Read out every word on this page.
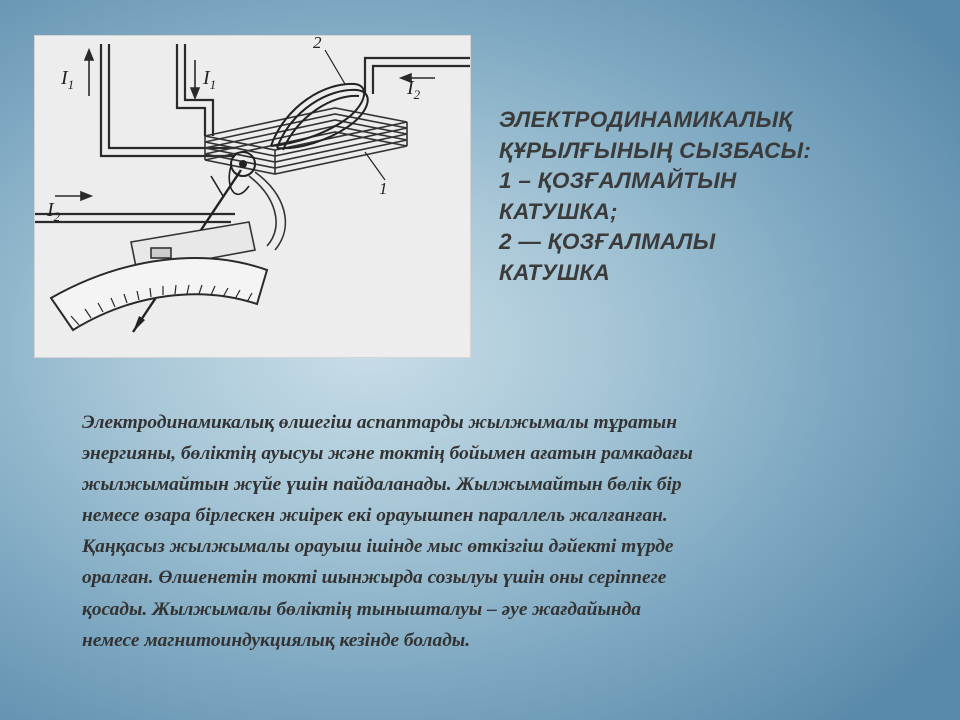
$I_1$	$I_1$	$I_2$
$I_2$
2
1
ЭЛЕКТРОДИНАМИКАЛЫҚ
ҚҰРЫЛҒЫНЫҢ СЫЗБАСЫ:
1 – ҚОЗҒАЛМАЙТЫН
КАТУШКА;
2 — ҚОЗҒАЛМАЛЫ
КАТУШКА
Электродинамикалық өлшегіш аспаптарды жылжымалы тұратын
энергияны, бөліктің ауысуы және токтің бойымен ағатын рамкадағы
жылжымайтын жүйе үшін пайдаланады. Жылжымайтын бөлік бір
немесе өзара бірлескен жиірек екі орауышпен параллель жалғанған.
Қаңқасыз жылжымалы орауыш ішінде мыс өткізгіш дәйекті түрде
оралған. Өлшенетін токті шынжырда созылуы үшін оны серіппеге
қосады. Жылжымалы бөліктің тынышталуы – әуе жағдайында
немесе магнитоиндукциялық кезінде болады.
